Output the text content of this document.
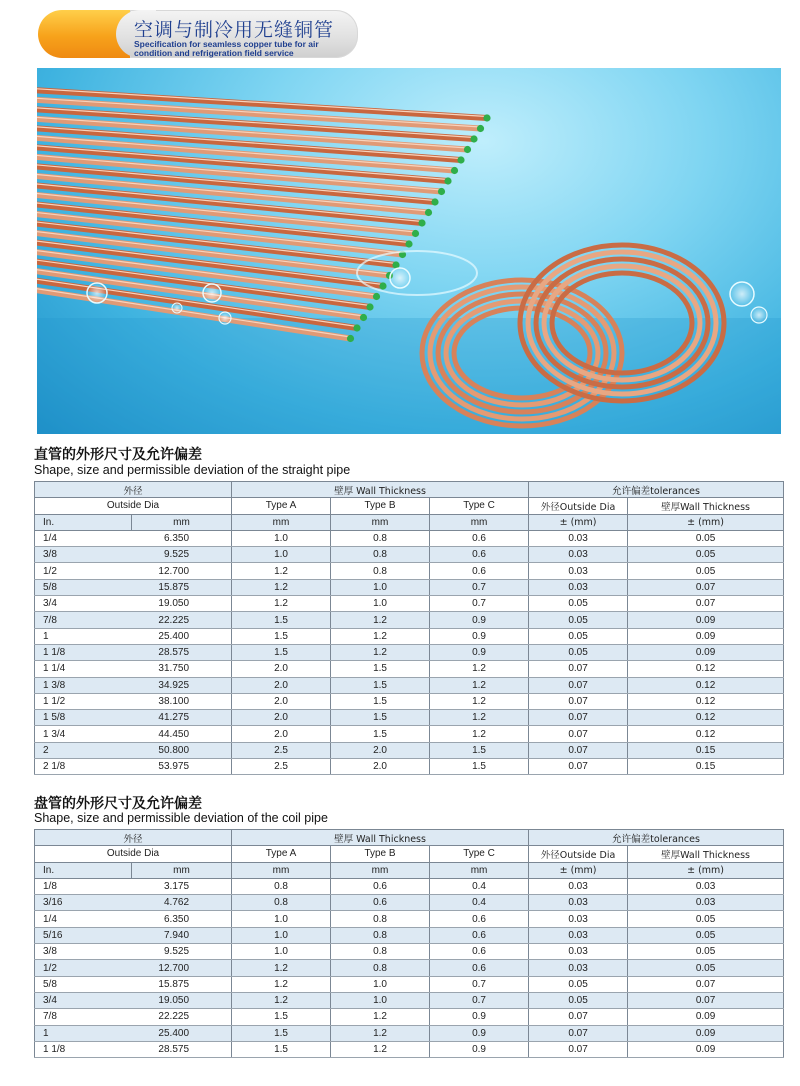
空调与制冷用无缝铜管
Specification for seamless copper tube for air condition and refrigeration field service
直管的外形尺寸及允许偏差
Shape, size and permissible deviation of the straight pipe
外径		壁厚 Wall Thickness			允许偏差tolerances	
Outside Dia		Type A	Type B	Type C	外径Outside Dia	壁厚Wall Thickness
In.	mm	mm	mm	mm	± (mm)	± (mm)
1/4	6.350	1.0	0.8	0.6	0.03	0.05
3/8	9.525	1.0	0.8	0.6	0.03	0.05
1/2	12.700	1.2	0.8	0.6	0.03	0.05
5/8	15.875	1.2	1.0	0.7	0.03	0.07
3/4	19.050	1.2	1.0	0.7	0.05	0.07
7/8	22.225	1.5	1.2	0.9	0.05	0.09
1	25.400	1.5	1.2	0.9	0.05	0.09
1 1/8	28.575	1.5	1.2	0.9	0.05	0.09
1 1/4	31.750	2.0	1.5	1.2	0.07	0.12
1 3/8	34.925	2.0	1.5	1.2	0.07	0.12
1 1/2	38.100	2.0	1.5	1.2	0.07	0.12
1 5/8	41.275	2.0	1.5	1.2	0.07	0.12
1 3/4	44.450	2.0	1.5	1.2	0.07	0.12
2	50.800	2.5	2.0	1.5	0.07	0.15
2 1/8	53.975	2.5	2.0	1.5	0.07	0.15
盘管的外形尺寸及允许偏差
Shape, size and permissible deviation of the coil pipe
外径		壁厚 Wall Thickness			允许偏差tolerances	
Outside Dia		Type A	Type B	Type C	外径Outside Dia	壁厚Wall Thickness
In.	mm	mm	mm	mm	± (mm)	± (mm)
1/8	3.175	0.8	0.6	0.4	0.03	0.03
3/16	4.762	0.8	0.6	0.4	0.03	0.03
1/4	6.350	1.0	0.8	0.6	0.03	0.05
5/16	7.940	1.0	0.8	0.6	0.03	0.05
3/8	9.525	1.0	0.8	0.6	0.03	0.05
1/2	12.700	1.2	0.8	0.6	0.03	0.05
5/8	15.875	1.2	1.0	0.7	0.05	0.07
3/4	19.050	1.2	1.0	0.7	0.05	0.07
7/8	22.225	1.5	1.2	0.9	0.07	0.09
1	25.400	1.5	1.2	0.9	0.07	0.09
1 1/8	28.575	1.5	1.2	0.9	0.07	0.09
